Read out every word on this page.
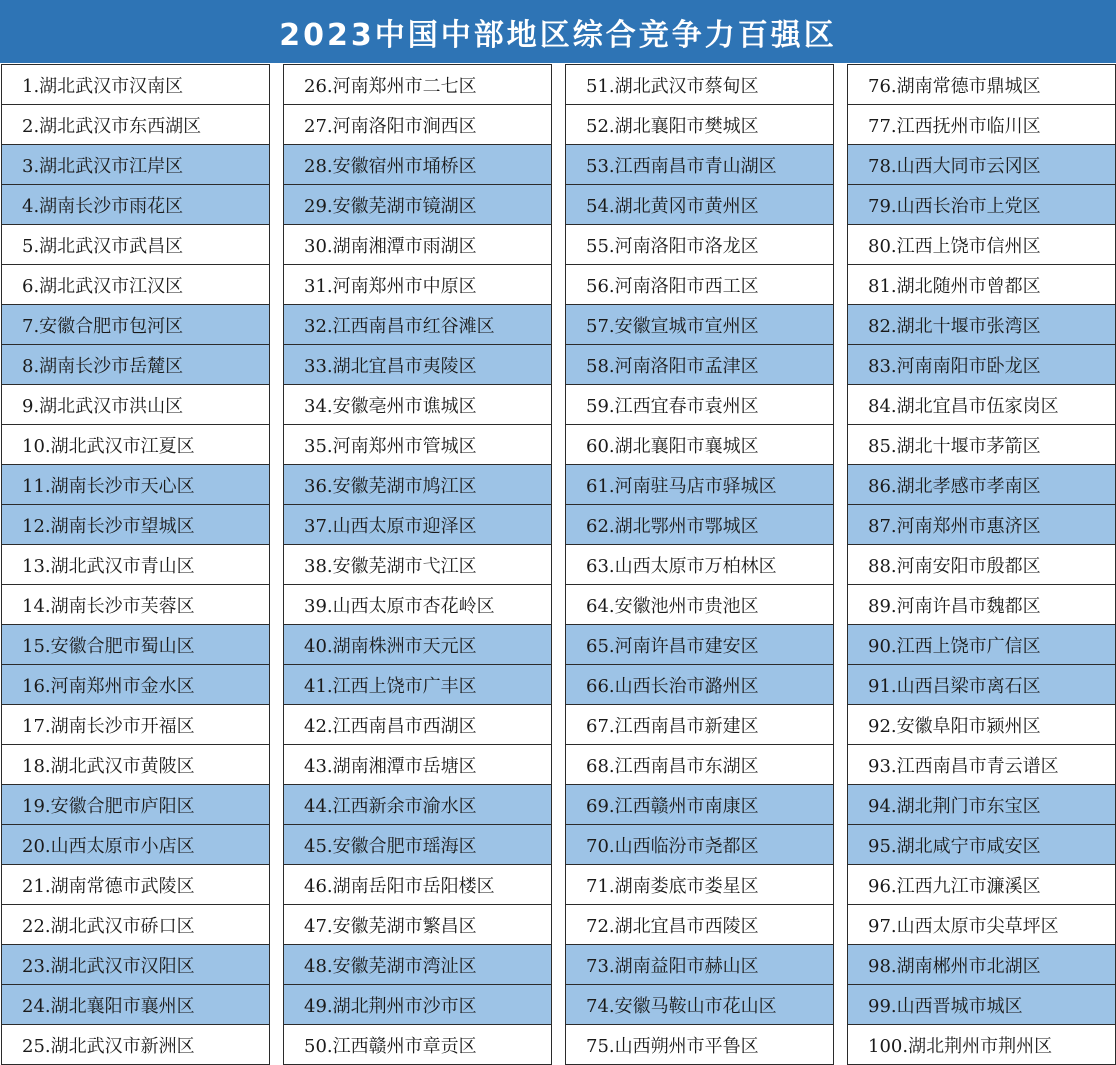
2023中国中部地区综合竞争力百强区
1.湖北武汉市汉南区
2.湖北武汉市东西湖区
3.湖北武汉市江岸区
4.湖南长沙市雨花区
5.湖北武汉市武昌区
6.湖北武汉市江汉区
7.安徽合肥市包河区
8.湖南长沙市岳麓区
9.湖北武汉市洪山区
10.湖北武汉市江夏区
11.湖南长沙市天心区
12.湖南长沙市望城区
13.湖北武汉市青山区
14.湖南长沙市芙蓉区
15.安徽合肥市蜀山区
16.河南郑州市金水区
17.湖南长沙市开福区
18.湖北武汉市黄陂区
19.安徽合肥市庐阳区
20.山西太原市小店区
21.湖南常德市武陵区
22.湖北武汉市硚口区
23.湖北武汉市汉阳区
24.湖北襄阳市襄州区
25.湖北武汉市新洲区
26.河南郑州市二七区
27.河南洛阳市涧西区
28.安徽宿州市埇桥区
29.安徽芜湖市镜湖区
30.湖南湘潭市雨湖区
31.河南郑州市中原区
32.江西南昌市红谷滩区
33.湖北宜昌市夷陵区
34.安徽亳州市谯城区
35.河南郑州市管城区
36.安徽芜湖市鸠江区
37.山西太原市迎泽区
38.安徽芜湖市弋江区
39.山西太原市杏花岭区
40.湖南株洲市天元区
41.江西上饶市广丰区
42.江西南昌市西湖区
43.湖南湘潭市岳塘区
44.江西新余市渝水区
45.安徽合肥市瑶海区
46.湖南岳阳市岳阳楼区
47.安徽芜湖市繁昌区
48.安徽芜湖市湾沚区
49.湖北荆州市沙市区
50.江西赣州市章贡区
51.湖北武汉市蔡甸区
52.湖北襄阳市樊城区
53.江西南昌市青山湖区
54.湖北黄冈市黄州区
55.河南洛阳市洛龙区
56.河南洛阳市西工区
57.安徽宣城市宣州区
58.河南洛阳市孟津区
59.江西宜春市袁州区
60.湖北襄阳市襄城区
61.河南驻马店市驿城区
62.湖北鄂州市鄂城区
63.山西太原市万柏林区
64.安徽池州市贵池区
65.河南许昌市建安区
66.山西长治市潞州区
67.江西南昌市新建区
68.江西南昌市东湖区
69.江西赣州市南康区
70.山西临汾市尧都区
71.湖南娄底市娄星区
72.湖北宜昌市西陵区
73.湖南益阳市赫山区
74.安徽马鞍山市花山区
75.山西朔州市平鲁区
76.湖南常德市鼎城区
77.江西抚州市临川区
78.山西大同市云冈区
79.山西长治市上党区
80.江西上饶市信州区
81.湖北随州市曾都区
82.湖北十堰市张湾区
83.河南南阳市卧龙区
84.湖北宜昌市伍家岗区
85.湖北十堰市茅箭区
86.湖北孝感市孝南区
87.河南郑州市惠济区
88.河南安阳市殷都区
89.河南许昌市魏都区
90.江西上饶市广信区
91.山西吕梁市离石区
92.安徽阜阳市颍州区
93.江西南昌市青云谱区
94.湖北荆门市东宝区
95.湖北咸宁市咸安区
96.江西九江市濂溪区
97.山西太原市尖草坪区
98.湖南郴州市北湖区
99.山西晋城市城区
100.湖北荆州市荆州区
